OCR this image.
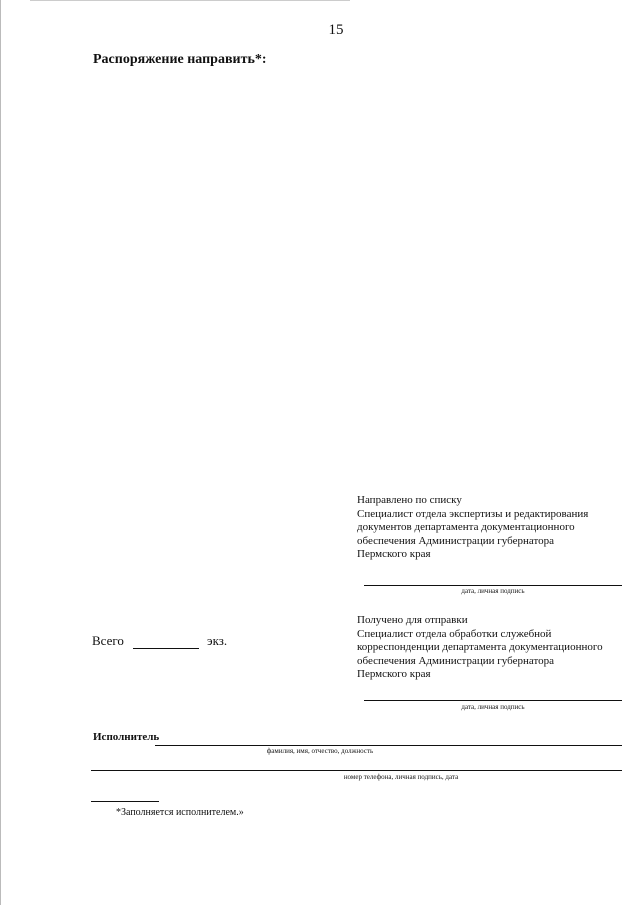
15
Распоряжение направить*:
Направлено по списку
Специалист отдела экспертизы и редактирования
документов департамента документационного
обеспечения Администрации губернатора
Пермского края
дата, личная подпись
Получено для отправки
Специалист отдела обработки служебной
корреспонденции департамента документационного
обеспечения Администрации губернатора
Пермского края
дата, личная подпись
Всего	экз.
Исполнитель
фамилия, имя, отчество, должность
номер телефона, личная подпись, дата
*Заполняется исполнителем.»
